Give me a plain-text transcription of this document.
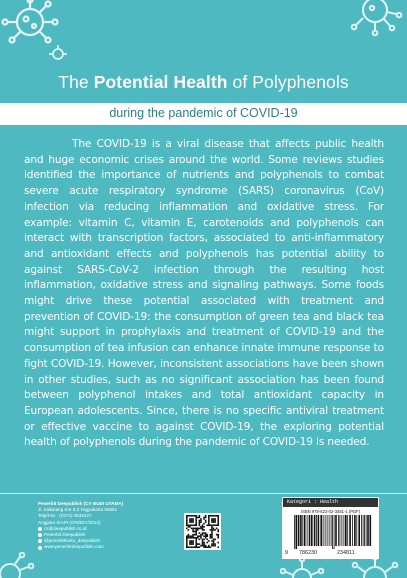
The Potential Health of Polyphenols
during the pandemic of COVID-19

The COVID-19 is a viral disease that affects public health and huge economic crises around the world. Some reviews studies identified the importance of nutrients and polyphenols to combat severe acute respiratory syndrome (SARS) coronavirus (CoV) infection via reducing inflammation and oxidative stress. For example: vitamin C, vitamin E, carotenoids and polyphenols can interact with transcription factors, associated to anti-inflammatory and antioxidant effects and polyphenols has potential ability to against SARS-CoV-2 infection through the resulting host inflammation, oxidative stress and signaling pathways. Some foods might drive these potential associated with treatment and prevention of COVID-19: the consumption of green tea and black tea might support in prophylaxis and treatment of COVID-19 and the consumption of tea infusion can enhance innate immune response to fight COVID-19. However, inconsistent associations have been shown in other studies, such as no significant association has been found between polyphenol intakes and total antioxidant capacity in European adolescents. Since, there is no specific antiviral treatment or effective vaccine to against COVID-19, the exploring potential health of polyphenols during the pandemic of COVID-19 is needed.

Penerbit Deepublish (CV BUDI UTAMA)
Jl. Kaliurang Km 9,3 Yogyakarta 55581
Telp/Fax : (0274) 4533427
Anggota IKAPI (076/DIY/2012)
cs@deepublish.co.id
Penerbit Deepublish
@penerbitbuku_deepublish
www.penerbitdeepublish.com
Kategori : Health
ISBN 978-623-02-3481-1 (PDF)
9 786230	234811
